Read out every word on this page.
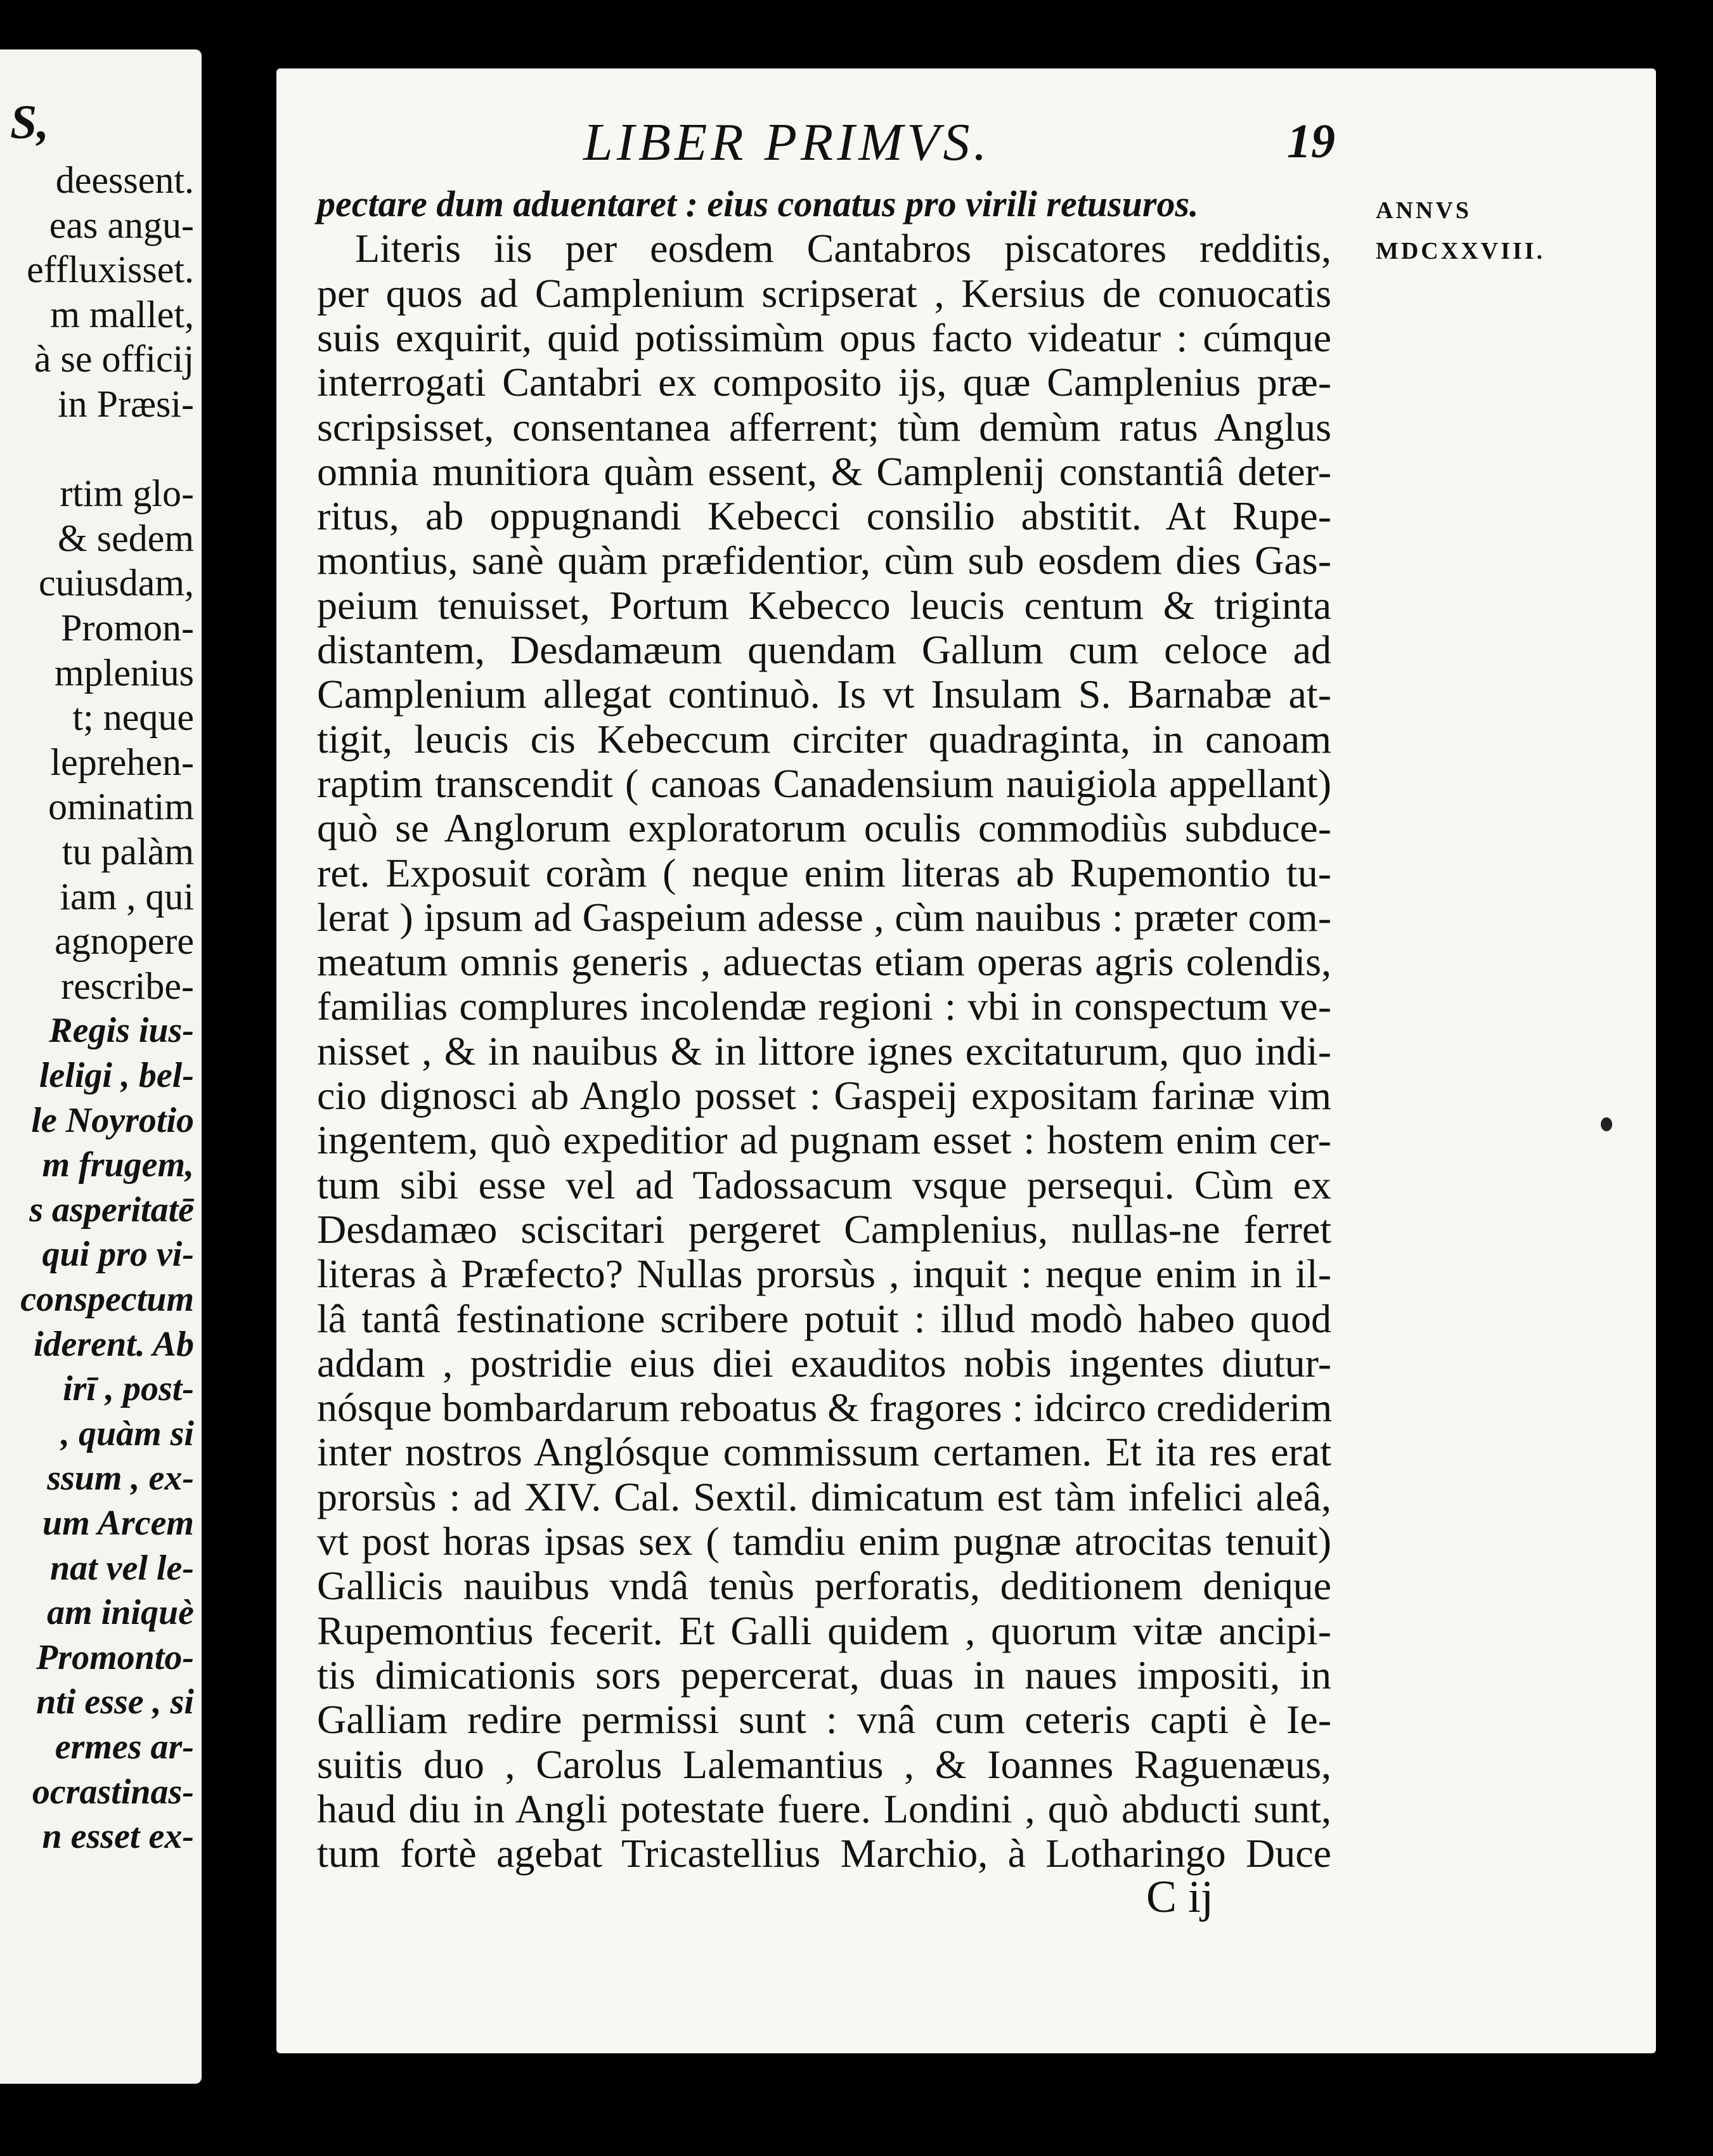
S,
deessent.
eas angu-
effluxisset.
m mallet,
à se officij
in Præsi-
rtim glo-
& sedem
cuiusdam,
Promon-
mplenius
t; neque
leprehen-
ominatim
tu palàm
iam , qui
agnopere
rescribe-
Regis ius-
leligi , bel-
le Noyrotio
m frugem,
s asperitatē
qui pro vi-
conspectum
iderent. Ab
irī , post-
, quàm si
ssum , ex-
um Arcem
nat vel le-
am iniquè
Promonto-
nti esse , si
ermes ar-
ocrastinas-
n esset ex-
LIBER PRIMVS.	19
ANNVS
MDCXXVIII.
pectare dum aduentaret : eius conatus pro virili retusuros.
Literis iis per eosdem Cantabros piscatores redditis,
per quos ad Camplenium scripserat , Kersius de conuocatis
suis exquirit, quid potissimùm opus facto videatur : cúmque
interrogati Cantabri ex composito ijs, quæ Camplenius præ-
scripsisset, consentanea afferrent; tùm demùm ratus Anglus
omnia munitiora quàm essent, & Camplenij constantiâ deter-
ritus, ab oppugnandi Kebecci consilio abstitit. At Rupe-
montius, sanè quàm præfidentior, cùm sub eosdem dies Gas-
peium tenuisset, Portum Kebecco leucis centum & triginta
distantem, Desdamæum quendam Gallum cum celoce ad
Camplenium allegat continuò. Is vt Insulam S. Barnabæ at-
tigit, leucis cis Kebeccum circiter quadraginta, in canoam
raptim transcendit ( canoas Canadensium nauigiola appellant)
quò se Anglorum exploratorum oculis commodiùs subduce-
ret. Exposuit coràm ( neque enim literas ab Rupemontio tu-
lerat ) ipsum ad Gaspeium adesse , cùm nauibus : præter com-
meatum omnis generis , aduectas etiam operas agris colendis,
familias complures incolendæ regioni : vbi in conspectum ve-
nisset , & in nauibus & in littore ignes excitaturum, quo indi-
cio dignosci ab Anglo posset : Gaspeij expositam farinæ vim
ingentem, quò expeditior ad pugnam esset : hostem enim cer-
tum sibi esse vel ad Tadossacum vsque persequi. Cùm ex
Desdamæo sciscitari pergeret Camplenius, nullas-ne ferret
literas à Præfecto? Nullas prorsùs , inquit : neque enim in il-
lâ tantâ festinatione scribere potuit : illud modò habeo quod
addam , postridie eius diei exauditos nobis ingentes diutur-
nósque bombardarum reboatus & fragores : idcirco crediderim
inter nostros Anglósque commissum certamen. Et ita res erat
prorsùs : ad XIV. Cal. Sextil. dimicatum est tàm infelici aleâ,
vt post horas ipsas sex ( tamdiu enim pugnæ atrocitas tenuit)
Gallicis nauibus vndâ tenùs perforatis, deditionem denique
Rupemontius fecerit. Et Galli quidem , quorum vitæ ancipi-
tis dimicationis sors pepercerat, duas in naues impositi, in
Galliam redire permissi sunt : vnâ cum ceteris capti è Ie-
suitis duo , Carolus Lalemantius , & Ioannes Raguenæus,
haud diu in Angli potestate fuere. Londini , quò abducti sunt,
tum fortè agebat Tricastellius Marchio, à Lotharingo Duce
C ij
